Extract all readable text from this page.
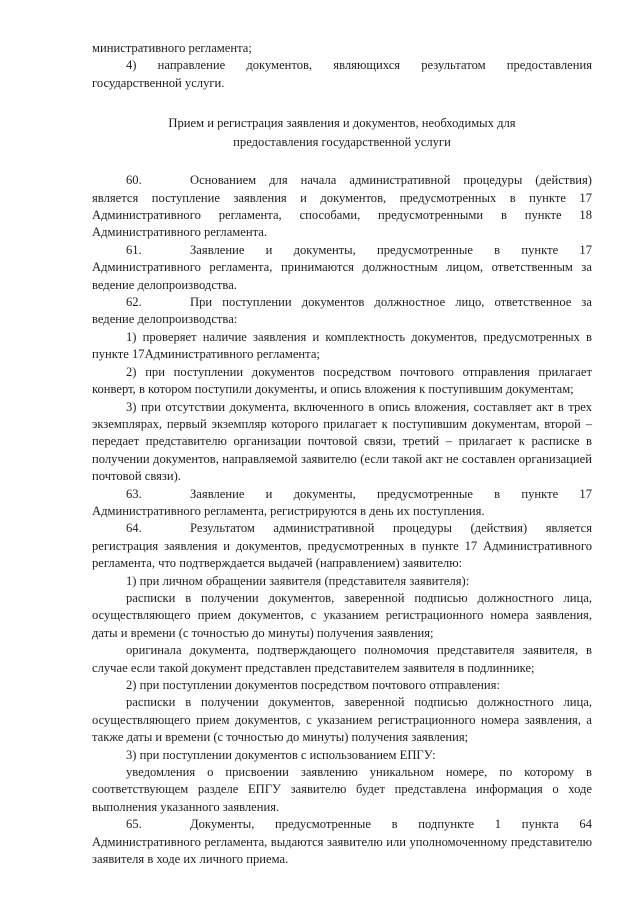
министративного регламента;

4) направление документов, являющихся результатом предоставления государственной услуги.

Прием и регистрация заявления и документов, необходимых для предоставления государственной услуги

60.	Основанием для начала административной процедуры (действия) является поступление заявления и документов, предусмотренных в пункте 17 Административного регламента, способами, предусмотренными в пункте 18 Административного регламента.

61.	Заявление и документы, предусмотренные в пункте 17 Административного регламента, принимаются должностным лицом, ответственным за ведение делопроизводства.

62.	При поступлении документов должностное лицо, ответственное за ведение делопроизводства:

1) проверяет наличие заявления и комплектность документов, предусмотренных в пункте 17Административного регламента;

2) при поступлении документов посредством почтового отправления прилагает конверт, в котором поступили документы, и опись вложения к поступившим документам;

3) при отсутствии документа, включенного в опись вложения, составляет акт в трех экземплярах, первый экземпляр которого прилагает к поступившим документам, второй – передает представителю организации почтовой связи, третий – прилагает к расписке в получении документов, направляемой заявителю (если такой акт не составлен организацией почтовой связи).

63.	Заявление и документы, предусмотренные в пункте 17 Административного регламента, регистрируются в день их поступления.

64.	Результатом административной процедуры (действия) является регистрация заявления и документов, предусмотренных в пункте 17 Административного регламента, что подтверждается выдачей (направлением) заявителю:

1) при личном обращении заявителя (представителя заявителя):

расписки в получении документов, заверенной подписью должностного лица, осуществляющего прием документов, с указанием регистрационного номера заявления, даты и времени (с точностью до минуты) получения заявления;

оригинала документа, подтверждающего полномочия представителя заявителя, в случае если такой документ представлен представителем заявителя в подлиннике;

2) при поступлении документов посредством почтового отправления:

расписки в получении документов, заверенной подписью должностного лица, осуществляющего прием документов, с указанием регистрационного номера заявления, а также даты и времени (с точностью до минуты) получения заявления;

3) при поступлении документов с использованием ЕПГУ:

уведомления о присвоении заявлению уникальном номере, по которому в соответствующем разделе ЕПГУ заявителю будет представлена информация о ходе выполнения указанного заявления.

65.	Документы, предусмотренные в подпункте 1 пункта 64 Административного регламента, выдаются заявителю или уполномоченному представителю заявителя в ходе их личного приема.
